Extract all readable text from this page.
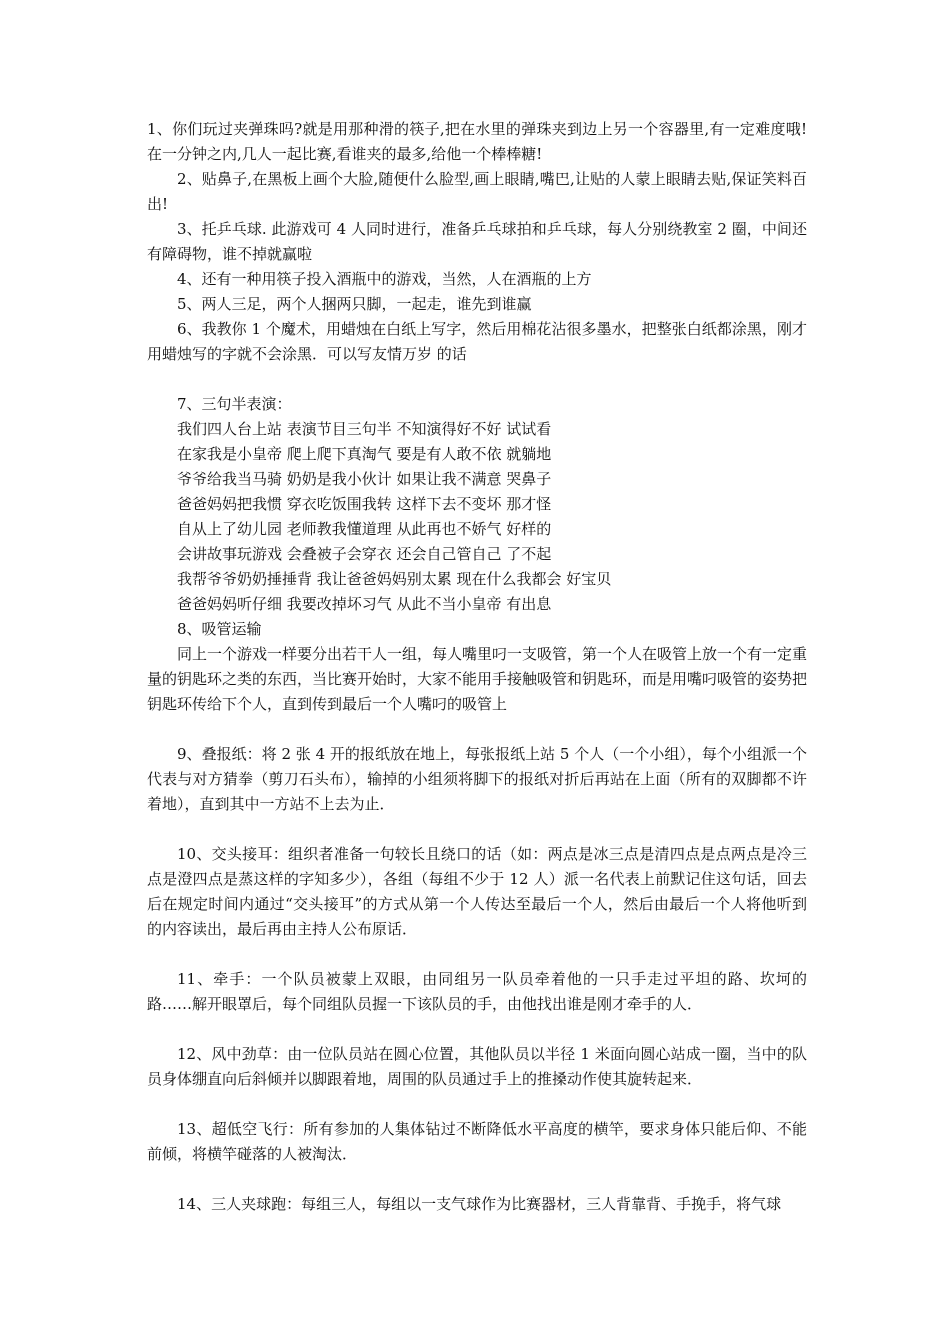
1、你们玩过夹弹珠吗?就是用那种滑的筷子,把在水里的弹珠夹到边上另一个容器里,有一定难度哦!在一分钟之内,几人一起比赛,看谁夹的最多,给他一个棒棒糖!

2、贴鼻子,在黑板上画个大脸,随便什么脸型,画上眼睛,嘴巴,让贴的人蒙上眼睛去贴,保证笑料百出!

3、托乒乓球. 此游戏可 4 人同时进行，准备乒乓球拍和乒乓球，每人分别绕教室 2 圈，中间还有障碍物，谁不掉就赢啦

4、还有一种用筷子投入酒瓶中的游戏，当然，人在酒瓶的上方

5、两人三足，两个人捆两只脚，一起走，谁先到谁赢

6、我教你 1 个魔术，用蜡烛在白纸上写字，然后用棉花沾很多墨水，把整张白纸都涂黑，刚才用蜡烛写的字就不会涂黑．可以写友情万岁 的话

7、三句半表演：

我们四人台上站 表演节目三句半 不知演得好不好 试试看

在家我是小皇帝 爬上爬下真淘气 要是有人敢不依 就躺地

爷爷给我当马骑 奶奶是我小伙计 如果让我不满意 哭鼻子

爸爸妈妈把我惯 穿衣吃饭围我转 这样下去不变坏 那才怪

自从上了幼儿园 老师教我懂道理 从此再也不娇气 好样的

会讲故事玩游戏 会叠被子会穿衣 还会自己管自己 了不起

我帮爷爷奶奶捶捶背 我让爸爸妈妈别太累 现在什么我都会 好宝贝

爸爸妈妈听仔细 我要改掉坏习气 从此不当小皇帝 有出息

8、吸管运输

同上一个游戏一样要分出若干人一组，每人嘴里叼一支吸管，第一个人在吸管上放一个有一定重量的钥匙环之类的东西，当比赛开始时，大家不能用手接触吸管和钥匙环，而是用嘴叼吸管的姿势把钥匙环传给下个人，直到传到最后一个人嘴叼的吸管上

9、叠报纸：将 2 张 4 开的报纸放在地上，每张报纸上站 5 个人（一个小组），每个小组派一个代表与对方猜拳（剪刀石头布），输掉的小组须将脚下的报纸对折后再站在上面（所有的双脚都不许着地），直到其中一方站不上去为止．

10、交头接耳：组织者准备一句较长且绕口的话（如：两点是冰三点是清四点是点两点是冷三点是澄四点是蒸这样的字知多少），各组（每组不少于 12 人）派一名代表上前默记住这句话，回去后在规定时间内通过“交头接耳”的方式从第一个人传达至最后一个人，然后由最后一个人将他听到的内容读出，最后再由主持人公布原话．

11、牵手：一个队员被蒙上双眼，由同组另一队员牵着他的一只手走过平坦的路、坎坷的路……解开眼罩后，每个同组队员握一下该队员的手，由他找出谁是刚才牵手的人．

12、风中劲草：由一位队员站在圆心位置，其他队员以半径 1 米面向圆心站成一圈，当中的队员身体绷直向后斜倾并以脚跟着地，周围的队员通过手上的推搡动作使其旋转起来．

13、超低空飞行：所有参加的人集体钻过不断降低水平高度的横竿，要求身体只能后仰、不能前倾，将横竿碰落的人被淘汰．

14、三人夹球跑：每组三人，每组以一支气球作为比赛器材，三人背靠背、手挽手，将气球
